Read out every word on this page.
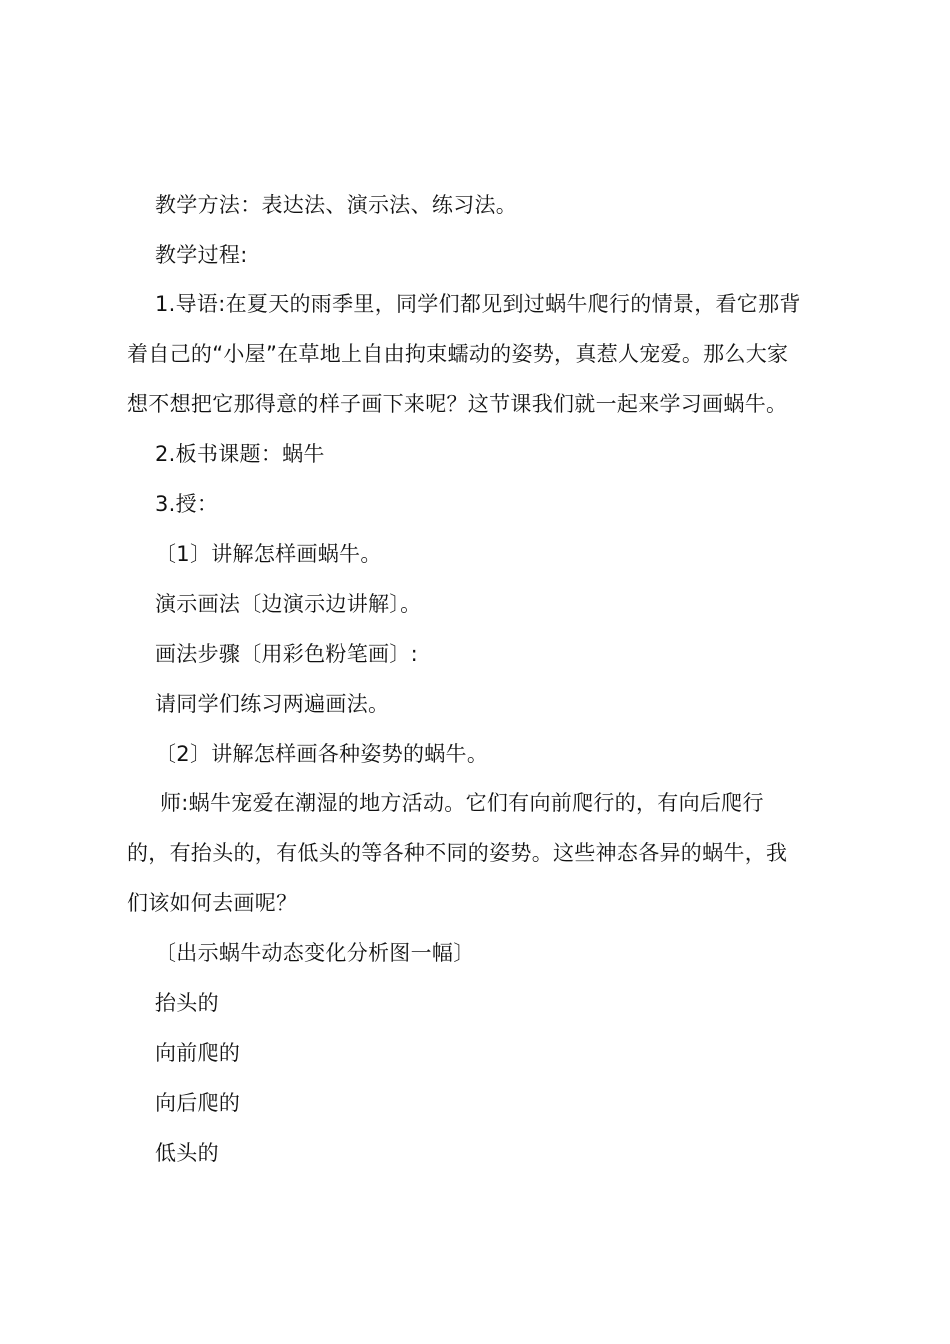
教学方法：表达法、演示法、练习法。
教学过程:
1.导语:在夏天的雨季里，同学们都见到过蜗牛爬行的情景，看它那背
着自己的“小屋”在草地上自由拘束蠕动的姿势，真惹人宠爱。那么大家
想不想把它那得意的样子画下来呢？这节课我们就一起来学习画蜗牛。
2.板书课题：蜗牛
3.授：
〔1〕讲解怎样画蜗牛。
演示画法〔边演示边讲解〕。
画法步骤〔用彩色粉笔画〕:
请同学们练习两遍画法。
〔2〕讲解怎样画各种姿势的蜗牛。
师:蜗牛宠爱在潮湿的地方活动。它们有向前爬行的，有向后爬行
的，有抬头的，有低头的等各种不同的姿势。这些神态各异的蜗牛，我
们该如何去画呢？
〔出示蜗牛动态变化分析图一幅〕
抬头的
向前爬的
向后爬的
低头的
